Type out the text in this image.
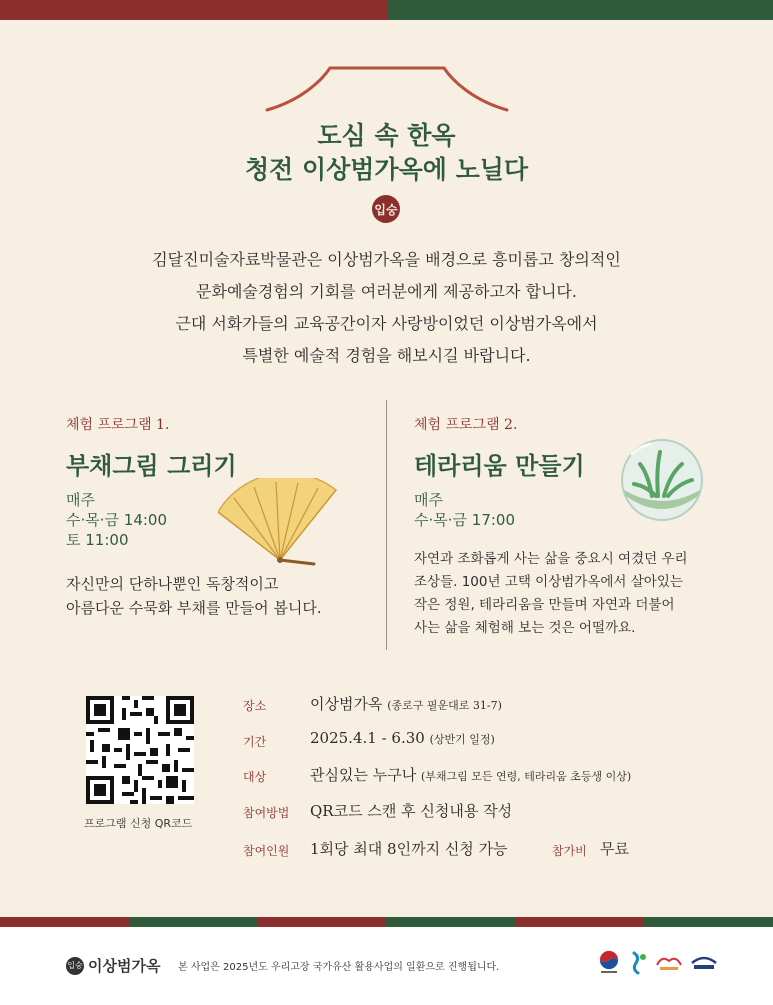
도심 속 한옥
청전 이상범가옥에 노닐다
입숭
김달진미술자료박물관은 이상범가옥을 배경으로 흥미롭고 창의적인
문화예술경험의 기회를 여러분에게 제공하고자 합니다.
근대 서화가들의 교육공간이자 사랑방이었던 이상범가옥에서
특별한 예술적 경험을 해보시길 바랍니다.
체험 프로그램 1.
부채그림 그리기
매주
수·목·금 14:00
토 11:00
자신만의 단하나뿐인 독창적이고
아름다운 수묵화 부채를 만들어 봅니다.
체험 프로그램 2.
테라리움 만들기
매주
수·목·금 17:00
자연과 조화롭게 사는 삶을 중요시 여겼던 우리
조상들. 100년 고택 이상범가옥에서 살아있는
작은 정원, 테라리움을 만들며 자연과 더불어
사는 삶을 체험해 보는 것은 어떨까요.
프로그램 신청 QR코드
장소	이상범가옥 (종로구 필운대로 31-7)
기간	2025.4.1 - 6.30 (상반기 일정)
대상	관심있는 누구나 (부채그림 모든 연령, 테라리움 초등생 이상)
참여방법 QR코드 스캔 후 신청내용 작성
참여인원 1회당 최대 8인까지 신청 가능	참가비 무료
입숭 이상범가옥 본 사업은 2025년도 우리고장 국가유산 활용사업의 일환으로 진행됩니다.
